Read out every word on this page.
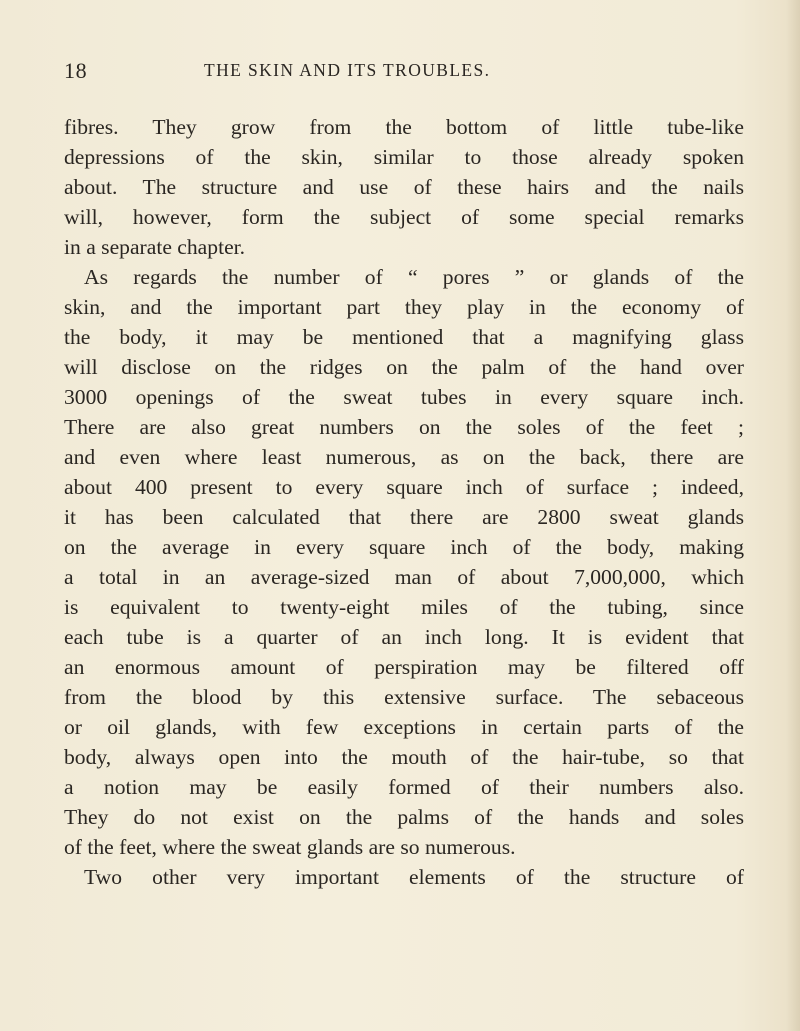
18	THE SKIN AND ITS TROUBLES.
fibres. They grow from the bottom of little tube-like
depressions of the skin, similar to those already spoken
about. The structure and use of these hairs and the nails
will, however, form the subject of some special remarks
in a separate chapter.
As regards the number of “ pores ” or glands of the
skin, and the important part they play in the economy of
the body, it may be mentioned that a magnifying glass
will disclose on the ridges on the palm of the hand over
3000 openings of the sweat tubes in every square inch.
There are also great numbers on the soles of the feet ;
and even where least numerous, as on the back, there are
about 400 present to every square inch of surface ; indeed,
it has been calculated that there are 2800 sweat glands
on the average in every square inch of the body, making
a total in an average-sized man of about 7,000,000, which
is equivalent to twenty-eight miles of the tubing, since
each tube is a quarter of an inch long. It is evident that
an enormous amount of perspiration may be filtered off
from the blood by this extensive surface. The sebaceous
or oil glands, with few exceptions in certain parts of the
body, always open into the mouth of the hair-tube, so that
a notion may be easily formed of their numbers also.
They do not exist on the palms of the hands and soles
of the feet, where the sweat glands are so numerous.
Two other very important elements of the structure of
